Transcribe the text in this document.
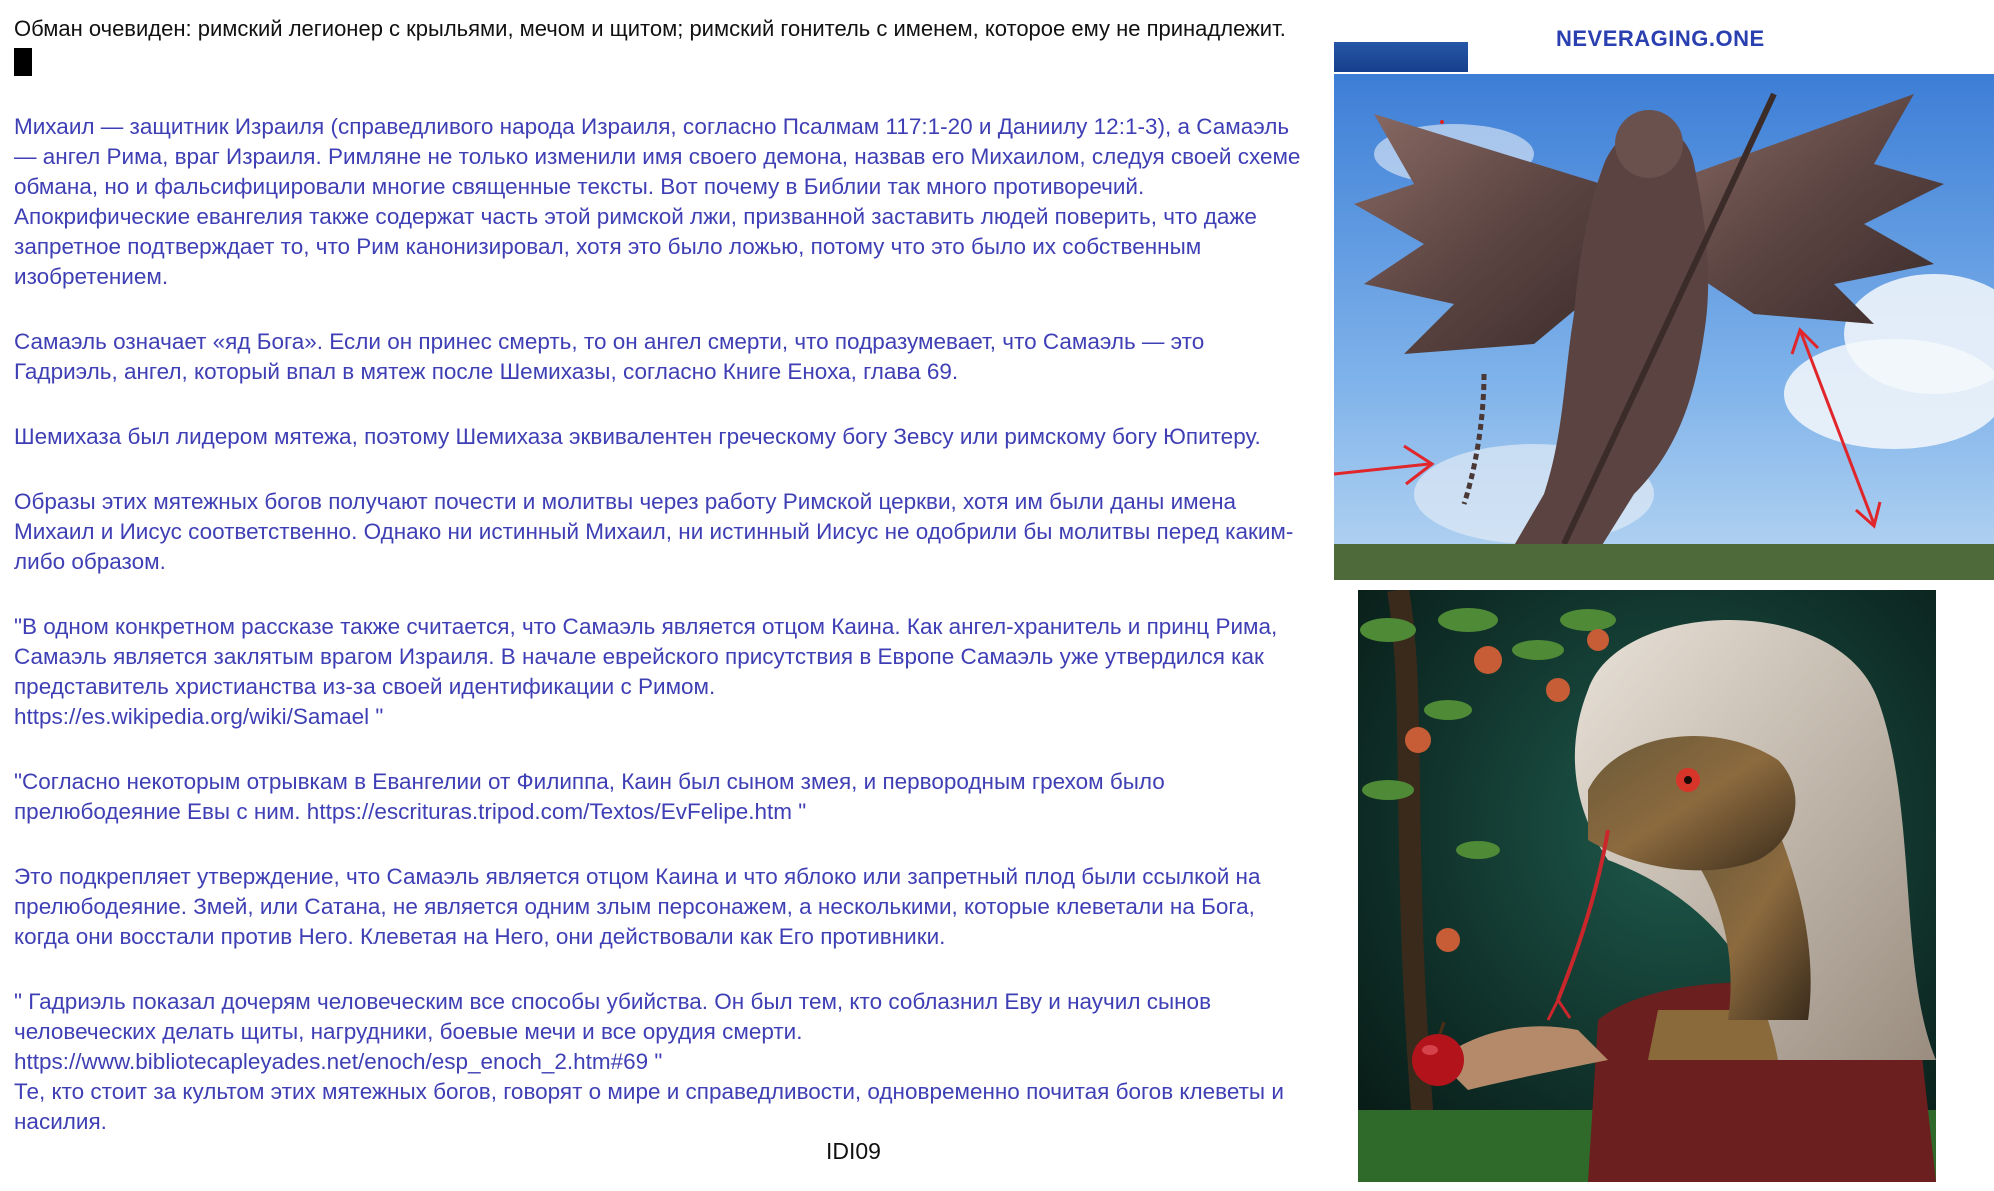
Обман очевиден: римский легионер с крыльями, мечом и щитом; римский гонитель с именем, которое ему не принадлежит.

Михаил — защитник Израиля (справедливого народа Израиля, согласно Псалмам 117:1-20 и Даниилу 12:1-3), а Самаэль — ангел Рима, враг Израиля. Римляне не только изменили имя своего демона, назвав его Михаилом, следуя своей схеме обмана, но и фальсифицировали многие священные тексты. Вот почему в Библии так много противоречий. Апокрифические евангелия также содержат часть этой римской лжи, призванной заставить людей поверить, что даже запретное подтверждает то, что Рим канонизировал, хотя это было ложью, потому что это было их собственным изобретением.

Самаэль означает «яд Бога». Если он принес смерть, то он ангел смерти, что подразумевает, что Самаэль — это Гадриэль, ангел, который впал в мятеж после Шемихазы, согласно Книге Еноха, глава 69.

Шемихаза был лидером мятежа, поэтому Шемихаза эквивалентен греческому богу Зевсу или римскому богу Юпитеру.

Образы этих мятежных богов получают почести и молитвы через работу Римской церкви, хотя им были даны имена Михаил и Иисус соответственно. Однако ни истинный Михаил, ни истинный Иисус не одобрили бы молитвы перед каким-либо образом.

"В одном конкретном рассказе также считается, что Самаэль является отцом Каина. Как ангел-хранитель и принц Рима, Самаэль является заклятым врагом Израиля. В начале еврейского присутствия в Европе Самаэль уже утвердился как представитель христианства из-за своей идентификации с Римом.
https://es.wikipedia.org/wiki/Samael "

"Согласно некоторым отрывкам в Евангелии от Филиппа, Каин был сыном змея, и первородным грехом было прелюбодеяние Евы с ним. https://escrituras.tripod.com/Textos/EvFelipe.htm "

Это подкрепляет утверждение, что Самаэль является отцом Каина и что яблоко или запретный плод были ссылкой на прелюбодеяние. Змей, или Сатана, не является одним злым персонажем, а несколькими, которые клеветали на Бога, когда они восстали против Него. Клеветая на Него, они действовали как Его противники.

" Гадриэль показал дочерям человеческим все способы убийства. Он был тем, кто соблазнил Еву и научил сынов человеческих делать щиты, нагрудники, боевые мечи и все орудия смерти.
https://www.bibliotecapleyades.net/enoch/esp_enoch_2.htm#69 "
Те, кто стоит за культом этих мятежных богов, говорят о мире и справедливости, одновременно почитая богов клеветы и насилия.

IDI09
NEVERAGING.ONE
